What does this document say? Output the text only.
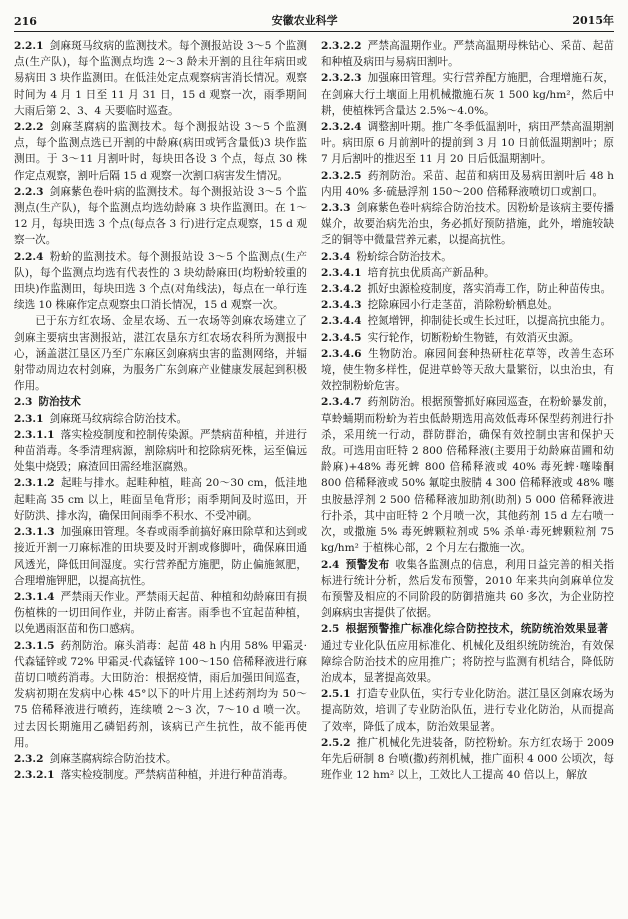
216	安徽农业科学	2015年

2.2.1 剑麻斑马纹病的监测技术。每个测报站设 3～5 个监测点(生产队)，每个监测点均选 2～3 龄未开割的且往年病田或易病田 3 块作监测田。在低洼处定点观察病害消长情况。观察时间为 4 月 1 日至 11 月 31 日，15 d 观察一次，雨季期间大雨后第 2、3、4 天要临时巡查。

2.2.2 剑麻茎腐病的监测技术。每个测报站设 3～5 个监测点，每个监测点选已开割的中龄麻(病田或钙含量低)3 块作监测田。于 3～11 月割叶时，每块田各设 3 个点，每点 30 株作定点观察，割叶后隔 15 d 观察一次割口病害发生情况。

2.2.3 剑麻紫色卷叶病的监测技术。每个测报站设 3～5 个监测点(生产队)，每个监测点均选幼龄麻 3 块作监测田。在 1～12 月，每块田选 3 个点(每点各 3 行)进行定点观察，15 d 观察一次。

2.2.4 粉蚧的监测技术。每个测报站设 3～5 个监测点(生产队)，每个监测点均选有代表性的 3 块幼龄麻田(均粉蚧较重的田块)作监测田，每块田选 3 个点(对角线法)，每点在一单行连续选 10 株麻作定点观察虫口消长情况，15 d 观察一次。

已于东方红农场、金星农场、五一农场等剑麻农场建立了剑麻主要病虫害测报站，湛江农垦东方红农场农科所为测报中心，涵盖湛江垦区乃至广东麻区剑麻病虫害的监测网络，并辐射带动周边农村剑麻，为服务广东剑麻产业健康发展起到积极作用。

2.3 防治技术

2.3.1 剑麻斑马纹病综合防治技术。

2.3.1.1 落实检疫制度和控制传染源。严禁病苗种植，并进行种苗消毒。冬季清理病源，割除病叶和挖除病死株，运至偏远处集中烧毁；麻渣回田需经堆沤腐熟。

2.3.1.2 起畦与排水。起畦种植，畦高 20～30 cm，低洼地起畦高 35 cm 以上，畦面呈龟背形；雨季期间及时巡田，开好防洪、排水沟，确保田间雨季不积水、不受冲刷。

2.3.1.3 加强麻田管理。冬春或雨季前搞好麻田除草和达到或接近开割一刀麻标准的田块要及时开割或修脚叶，确保麻田通风透光，降低田间湿度。实行营养配方施肥，防止偏施氮肥，合理增施钾肥，以提高抗性。

2.3.1.4 严禁雨天作业。严禁雨天起苗、种植和幼龄麻田有损伤植株的一切田间作业，并防止畜害。雨季也不宜起苗种植，以免遇雨沤苗和伤口感病。

2.3.1.5 药剂防治。麻头消毒：起苗 48 h 内用 58% 甲霜灵·代森锰锌或 72% 甲霜灵·代森锰锌 100～150 倍稀释液进行麻苗切口喷药消毒。大田防治：根据疫情，雨后加强田间巡查，发病初期在发病中心株 45°以下的叶片用上述药剂均为 50～75 倍稀释液进行喷药，连续喷 2～3 次，7～10 d 喷一次。过去因长期施用乙磷铝药剂，该病已产生抗性，故不能再使用。

2.3.2 剑麻茎腐病综合防治技术。

2.3.2.1 落实检疫制度。严禁病苗种植，并进行种苗消毒。

2.3.2.2 严禁高温期作业。严禁高温期母株钻心、采苗、起苗和种植及病田与易病田割叶。

2.3.2.3 加强麻田管理。实行营养配方施肥，合理增施石灰，在剑麻大行土壤面上用机械撒施石灰 1 500 kg/hm²，然后中耕，使植株钙含量达 2.5%～4.0%。

2.3.2.4 调整割叶期。推广冬季低温割叶，病田严禁高温期割叶。病田原 6 月前割叶的提前到 3 月 10 日前低温期割叶；原 7 月后割叶的推迟至 11 月 20 日后低温期割叶。

2.3.2.5 药剂防治。采苗、起苗和病田及易病田割叶后 48 h 内用 40% 多·硫悬浮剂 150～200 倍稀释液喷切口或割口。

2.3.3 剑麻紫色卷叶病综合防治技术。因粉蚧是该病主要传播媒介，故要治病先治虫，务必抓好预防措施，此外，增施较缺乏的铜等中微量营养元素，以提高抗性。

2.3.4 粉蚧综合防治技术。

2.3.4.1 培育抗虫优质高产新品种。

2.3.4.2 抓好虫源检疫制度，落实消毒工作，防止种苗传虫。

2.3.4.3 挖除麻园小行走茎苗，消除粉蚧栖息处。

2.3.4.4 控氮增钾，抑制徒长或生长过旺，以提高抗虫能力。

2.3.4.5 实行轮作，切断粉蚧生物链，有效消灭虫源。

2.3.4.6 生物防治。麻园间套种热研柱花草等，改善生态环境，使生物多样性，促进草蛉等天敌大量繁衍，以虫治虫，有效控制粉蚧危害。

2.3.4.7 药剂防治。根据预警抓好麻园巡查，在粉蚧暴发前，草蛉蛹期而粉蚧为若虫低龄期选用高效低毒环保型药剂进行扑杀，采用统一行动，群防群治，确保有效控制虫害和保护天敌。可选用亩旺特 2 800 倍稀释液(主要用于幼龄麻苗圃和幼龄麻)+48% 毒死蜱 800 倍稀释液或 40% 毒死蜱·噻嗪酮 800 倍稀释液或 50% 氟啶虫胺腈 4 300 倍稀释液或 48% 噻虫胺悬浮剂 2 500 倍稀释液加助剂(助剂) 5 000 倍稀释液进行扑杀，其中亩旺特 2 个月喷一次，其他药剂 15 d 左右喷一次，或撒施 5% 毒死蜱颗粒剂或 5% 杀单·毒死蜱颗粒剂 75 kg/hm² 于植株心部，2 个月左右撒施一次。

2.4 预警发布 收集各监测点的信息，利用日益完善的相关指标进行统计分析，然后发布预警，2010 年来共向剑麻单位发布预警及相应的不同阶段的防御措施共 60 多次，为企业防控剑麻病虫害提供了依据。

2.5 根据预警推广标准化综合防控技术，统防统治效果显著通过专业化队伍应用标准化、机械化及组织统防统治，有效保障综合防治技术的应用推广；将防控与监测有机结合，降低防治成本，显著提高效果。

2.5.1 打造专业队伍，实行专业化防治。湛江垦区剑麻农场为提高防效，培训了专业防治队伍，进行专业化防治，从而提高了效率，降低了成本，防治效果显著。

2.5.2 推广机械化先进装备，防控粉蚧。东方红农场于 2009 年先后研制 8 台喷(撒)药剂机械，推广面积 4 000 公顷次，每班作业 12 hm² 以上，工效比人工提高 40 倍以上，解放
